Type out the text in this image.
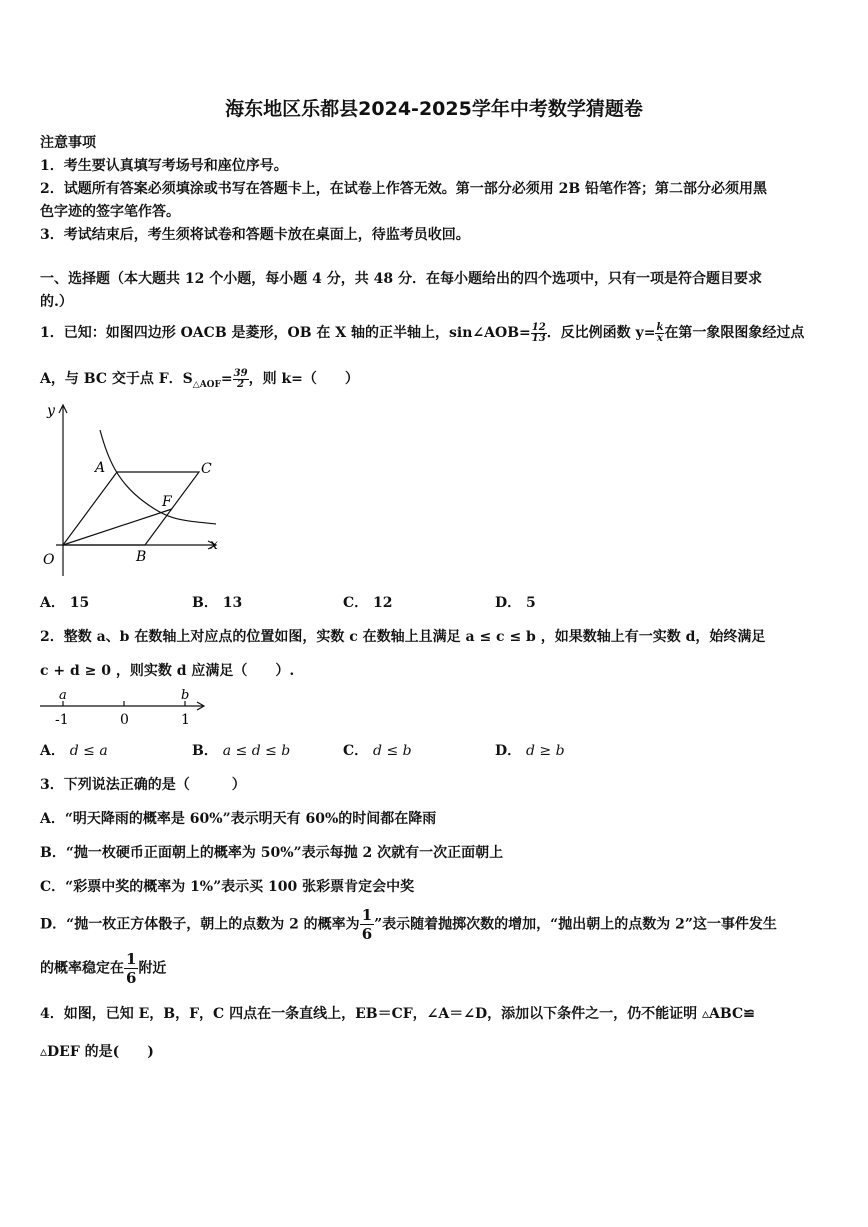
海东地区乐都县2024-2025学年中考数学猜题卷
注意事项
1．考生要认真填写考场号和座位序号。
2．试题所有答案必须填涂或书写在答题卡上，在试卷上作答无效。第一部分必须用 2B 铅笔作答；第二部分必须用黑
色字迹的签字笔作答。
3．考试结束后，考生须将试卷和答题卡放在桌面上，待监考员收回。
一、选择题（本大题共 12 个小题，每小题 4 分，共 48 分．在每小题给出的四个选项中，只有一项是符合题目要求
的.）
1．已知：如图四边形 OACB 是菱形，OB 在 X 轴的正半轴上，sin∠AOB= $\frac{12}{13}$ ．反比例函数 $y= \frac{k}{x}$ 在第一象限图象经过点
A，与 BC 交于点 F．$S_{\triangle AOF}= \frac{39}{2}$ ，则 k=（　　）
y
x
O
A
B
C
F
A． 15	B． 13	C． 12	D． 5
2．整数 a、b 在数轴上对应点的位置如图，实数 c 在数轴上且满足 a ≤ c ≤ b ，如果数轴上有一实数 d，始终满足
c + d ≥ 0 ，则实数 d 应满足（　　）.
a	b
-1	0	1
A． d ≤ a	B． a ≤ d ≤ b	C． d ≤ b	D． d ≥ b
3．下列说法正确的是（　　　）
A．“明天降雨的概率是 60%”表示明天有 60%的时间都在降雨
B．“抛一枚硬币正面朝上的概率为 50%”表示每抛 2 次就有一次正面朝上
C．“彩票中奖的概率为 1%”表示买 100 张彩票肯定会中奖
D．“抛一枚正方体骰子，朝上的点数为 2 的概率为 $\frac{1}{6}$ ”表示随着抛掷次数的增加，“抛出朝上的点数为 2”这一事件发生
的概率稳定在 $\frac{1}{6}$ 附近
4．如图，已知 E，B，F，C 四点在一条直线上，EB＝CF，∠A＝∠D，添加以下条件之一，仍不能证明 ▵ABC≌
▵DEF 的是(　　)
